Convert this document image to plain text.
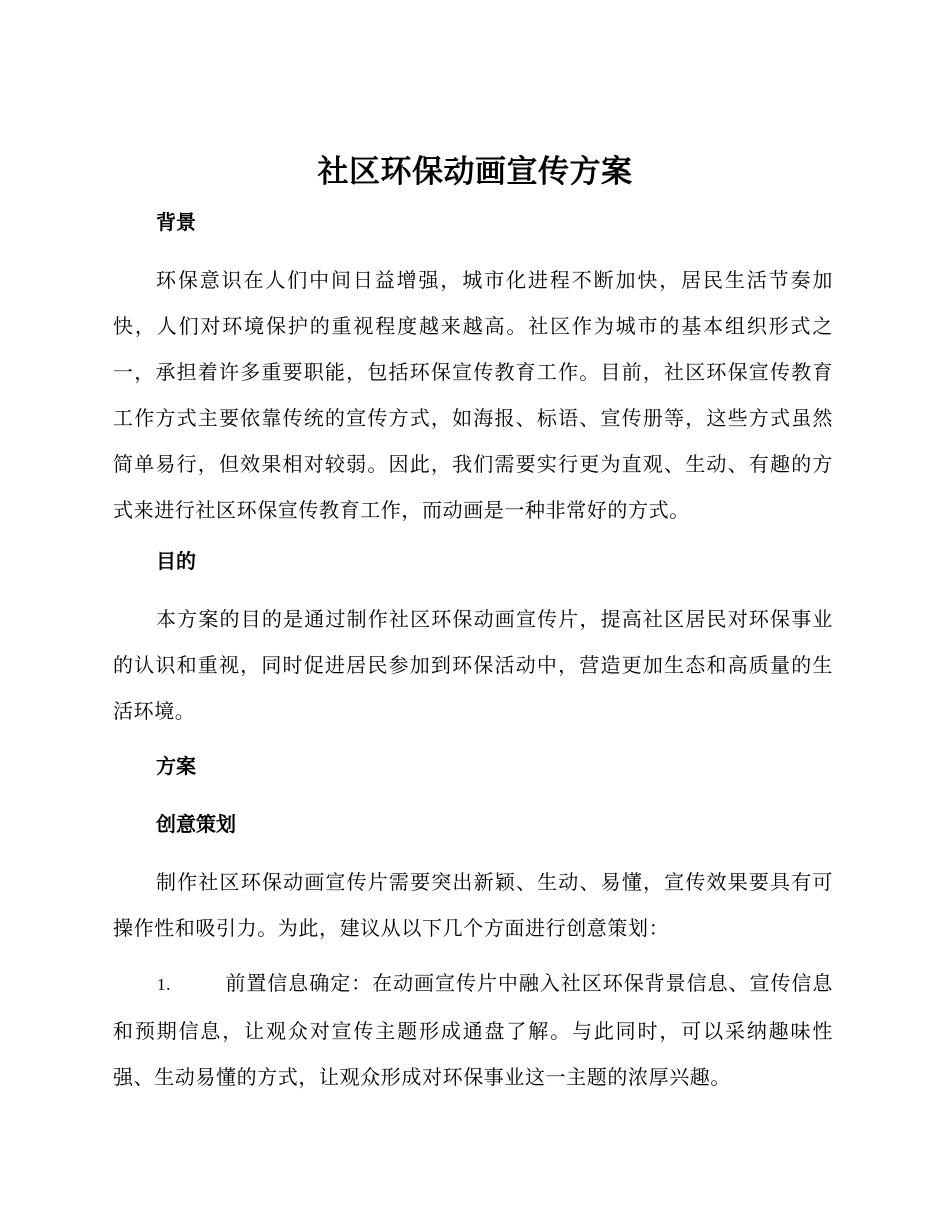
社区环保动画宣传方案
背景

环保意识在人们中间日益增强，城市化进程不断加快，居民生活节奏加快，人们对环境保护的重视程度越来越高。社区作为城市的基本组织形式之一，承担着许多重要职能，包括环保宣传教育工作。目前，社区环保宣传教育工作方式主要依靠传统的宣传方式，如海报、标语、宣传册等，这些方式虽然简单易行，但效果相对较弱。因此，我们需要实行更为直观、生动、有趣的方式来进行社区环保宣传教育工作，而动画是一种非常好的方式。

目的

本方案的目的是通过制作社区环保动画宣传片，提高社区居民对环保事业的认识和重视，同时促进居民参加到环保活动中，营造更加生态和高质量的生活环境。

方案
创意策划

制作社区环保动画宣传片需要突出新颖、生动、易懂，宣传效果要具有可操作性和吸引力。为此，建议从以下几个方面进行创意策划：

1.	前置信息确定：在动画宣传片中融入社区环保背景信息、宣传信息和预期信息，让观众对宣传主题形成通盘了解。与此同时，可以采纳趣味性强、生动易懂的方式，让观众形成对环保事业这一主题的浓厚兴趣。
